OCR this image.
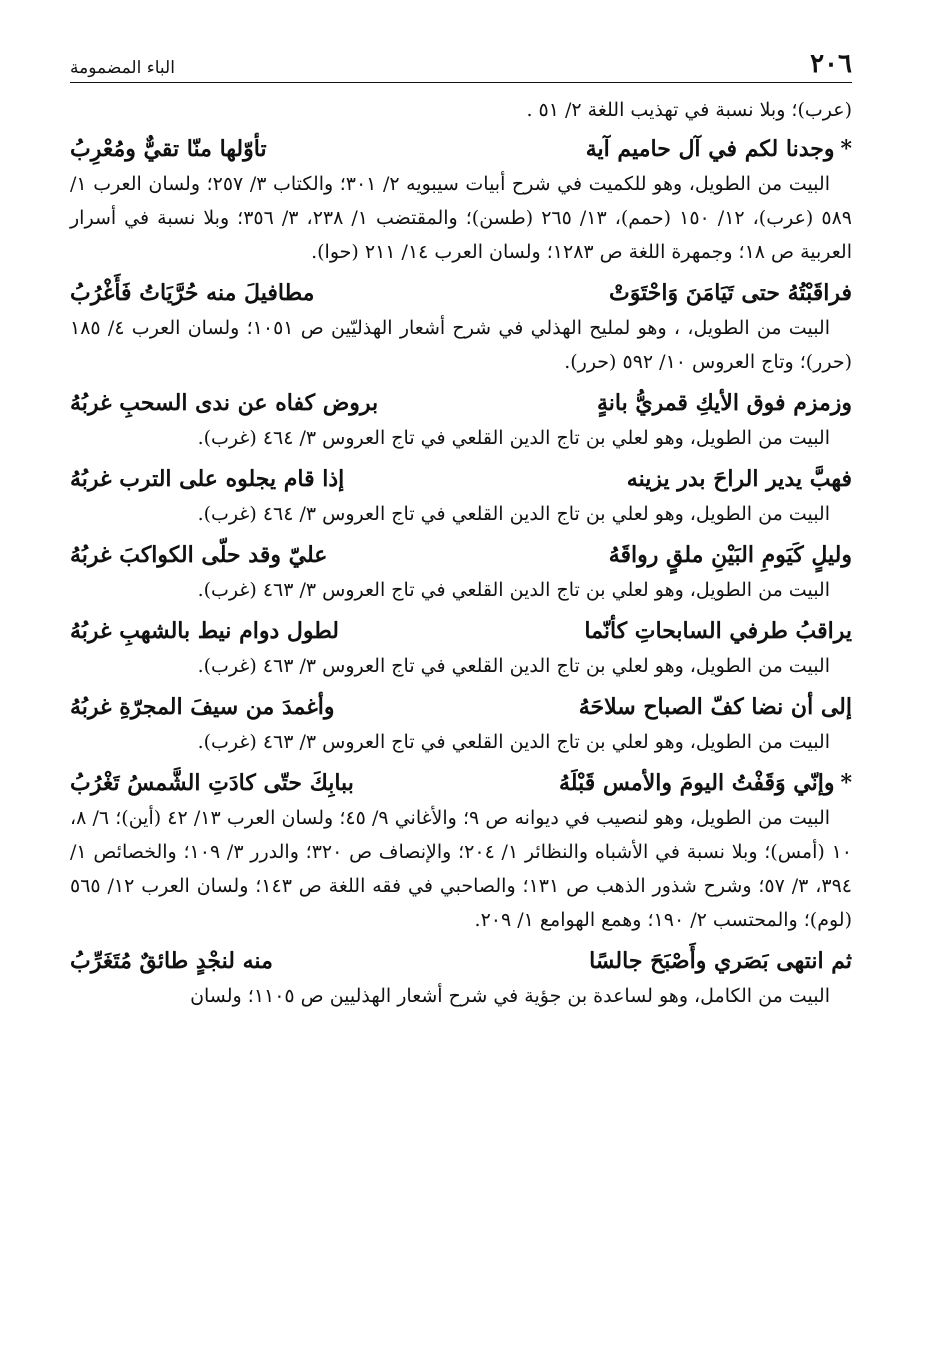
٢٠٦
الباء المضمومة

(عرب)؛ وبلا نسبة في تهذيب اللغة ٢/ ٥١ .

*وجدنا لكم في آل حاميم آية
تأوّلها منّا تقيٌّ ومُعْرِبُ

البيت من الطويل، وهو للكميت في شرح أبيات سيبويه ٢/ ٣٠١؛ والكتاب ٣/ ٢٥٧؛ ولسان العرب ١/ ٥٨٩ (عرب)، ١٢/ ١٥٠ (حمم)، ١٣/ ٢٦٥ (طسن)؛ والمقتضب ١/ ٢٣٨، ٣/ ٣٥٦؛ وبلا نسبة في أسرار العربية ص ١٨؛ وجمهرة اللغة ص ١٢٨٣؛ ولسان العرب ١٤/ ٢١١ (حوا).

فراقَبْتُهُ حتى تَيَامَنَ وَاحْتَوَتْ
مطافيلَ منه حُرَّيَاتُ فَأَغْرُبُ

البيت من الطويل، ، وهو لمليح الهذلي في شرح أشعار الهذليّين ص ١٠٥١؛ ولسان العرب ٤/ ١٨٥ (حرر)؛ وتاج العروس ١٠/ ٥٩٢ (حرر).

وزمزم فوق الأيكِ قمريُّ بانةٍ
بروض كفاه عن ندى السحبِ غربُهُ

البيت من الطويل، وهو لعلي بن تاج الدين القلعي في تاج العروس ٣/ ٤٦٤ (غرب).

فهبَّ يدير الراحَ بدر يزينه
إذا قام يجلوه على الترب غربُهُ

البيت من الطويل، وهو لعلي بن تاج الدين القلعي في تاج العروس ٣/ ٤٦٤ (غرب).

وليلٍ كَيَومِ البَيْنِ ملقٍ رواقَهُ
عليّ وقد حلّى الكواكبَ غربُهُ

البيت من الطويل، وهو لعلي بن تاج الدين القلعي في تاج العروس ٣/ ٤٦٣ (غرب).

يراقبُ طرفي السابحاتِ كأنّما
لطول دوام نيط بالشهبِ غربُهُ

البيت من الطويل، وهو لعلي بن تاج الدين القلعي في تاج العروس ٣/ ٤٦٣ (غرب).

إلى أن نضا كفّ الصباح سلاحَهُ
وأغمدَ من سيفَ المجرّةِ غربُهُ

البيت من الطويل، وهو لعلي بن تاج الدين القلعي في تاج العروس ٣/ ٤٦٣ (غرب).

*وإنّي وَقَفْتُ اليومَ والأمس قَبْلَهُ
ببابِكَ حتّى كادَتِ الشَّمسُ تَغْرُبُ

البيت من الطويل، وهو لنصيب في ديوانه ص ٩؛ والأغاني ٩/ ٤٥؛ ولسان العرب ١٣/ ٤٢ (أين)؛ ٦/ ٨، ١٠ (أمس)؛ وبلا نسبة في الأشباه والنظائر ١/ ٢٠٤؛ والإنصاف ص ٣٢٠؛ والدرر ٣/ ١٠٩؛ والخصائص ١/ ٣٩٤، ٣/ ٥٧؛ وشرح شذور الذهب ص ١٣١؛ والصاحبي في فقه اللغة ص ١٤٣؛ ولسان العرب ١٢/ ٥٦٥ (لوم)؛ والمحتسب ٢/ ١٩٠؛ وهمع الهوامع ١/ ٢٠٩.

ثم انتهى بَصَري وأَصْبَحَ جالسًا
منه لنجْدٍ طائقٌ مُتَغَرِّبُ

البيت من الكامل، وهو لساعدة بن جؤية في شرح أشعار الهذليين ص ١١٠٥؛ ولسان
